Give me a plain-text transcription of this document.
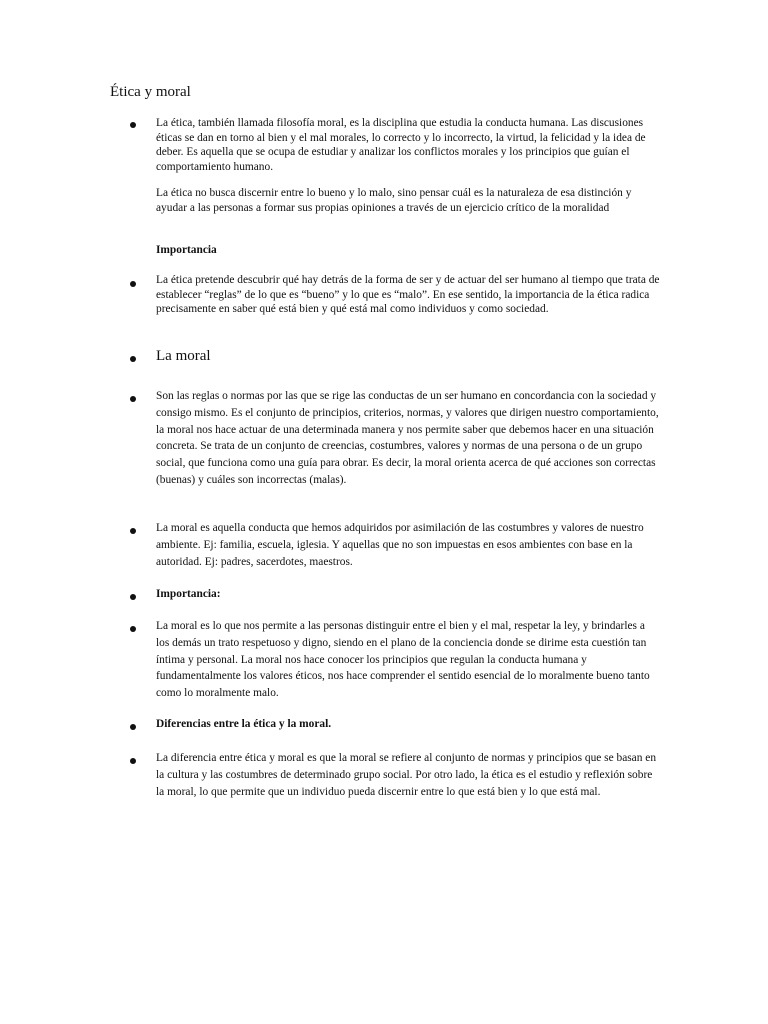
Ética y moral

La ética, también llamada filosofía moral, es la disciplina que estudia la conducta humana. Las discusiones éticas se dan en torno al bien y el mal morales, lo correcto y lo incorrecto, la virtud, la felicidad y la idea de deber. Es aquella que se ocupa de estudiar y analizar los conflictos morales y los principios que guían el comportamiento humano.

La ética no busca discernir entre lo bueno y lo malo, sino pensar cuál es la naturaleza de esa distinción y ayudar a las personas a formar sus propias opiniones a través de un ejercicio crítico de la moralidad

Importancia

La ética pretende descubrir qué hay detrás de la forma de ser y de actuar del ser humano al tiempo que trata de establecer “reglas” de lo que es “bueno” y lo que es “malo”. En ese sentido, la importancia de la ética radica precisamente en saber qué está bien y qué está mal como individuos y como sociedad.

La moral

Son las reglas o normas por las que se rige las conductas de un ser humano en concordancia con la sociedad y consigo mismo. Es el conjunto de principios, criterios, normas, y valores que dirigen nuestro comportamiento, la moral nos hace actuar de una determinada manera y nos permite saber que debemos hacer en una situación concreta. Se trata de un conjunto de creencias, costumbres, valores y normas de una persona o de un grupo social, que funciona como una guía para obrar. Es decir, la moral orienta acerca de qué acciones son correctas (buenas) y cuáles son incorrectas (malas).

La moral es aquella conducta que hemos adquiridos por asimilación de las costumbres y valores de nuestro ambiente. Ej: familia, escuela, iglesia. Y aquellas que no son impuestas en esos ambientes con base en la autoridad. Ej: padres, sacerdotes, maestros.

Importancia:

La moral es lo que nos permite a las personas distinguir entre el bien y el mal, respetar la ley, y brindarles a los demás un trato respetuoso y digno, siendo en el plano de la conciencia donde se dirime esta cuestión tan íntima y personal. La moral nos hace conocer los principios que regulan la conducta humana y fundamentalmente los valores éticos, nos hace comprender el sentido esencial de lo moralmente bueno tanto como lo moralmente malo.

Diferencias entre la ética y la moral.

La diferencia entre ética y moral es que la moral se refiere al conjunto de normas y principios que se basan en la cultura y las costumbres de determinado grupo social. Por otro lado, la ética es el estudio y reflexión sobre la moral, lo que permite que un individuo pueda discernir entre lo que está bien y lo que está mal.
